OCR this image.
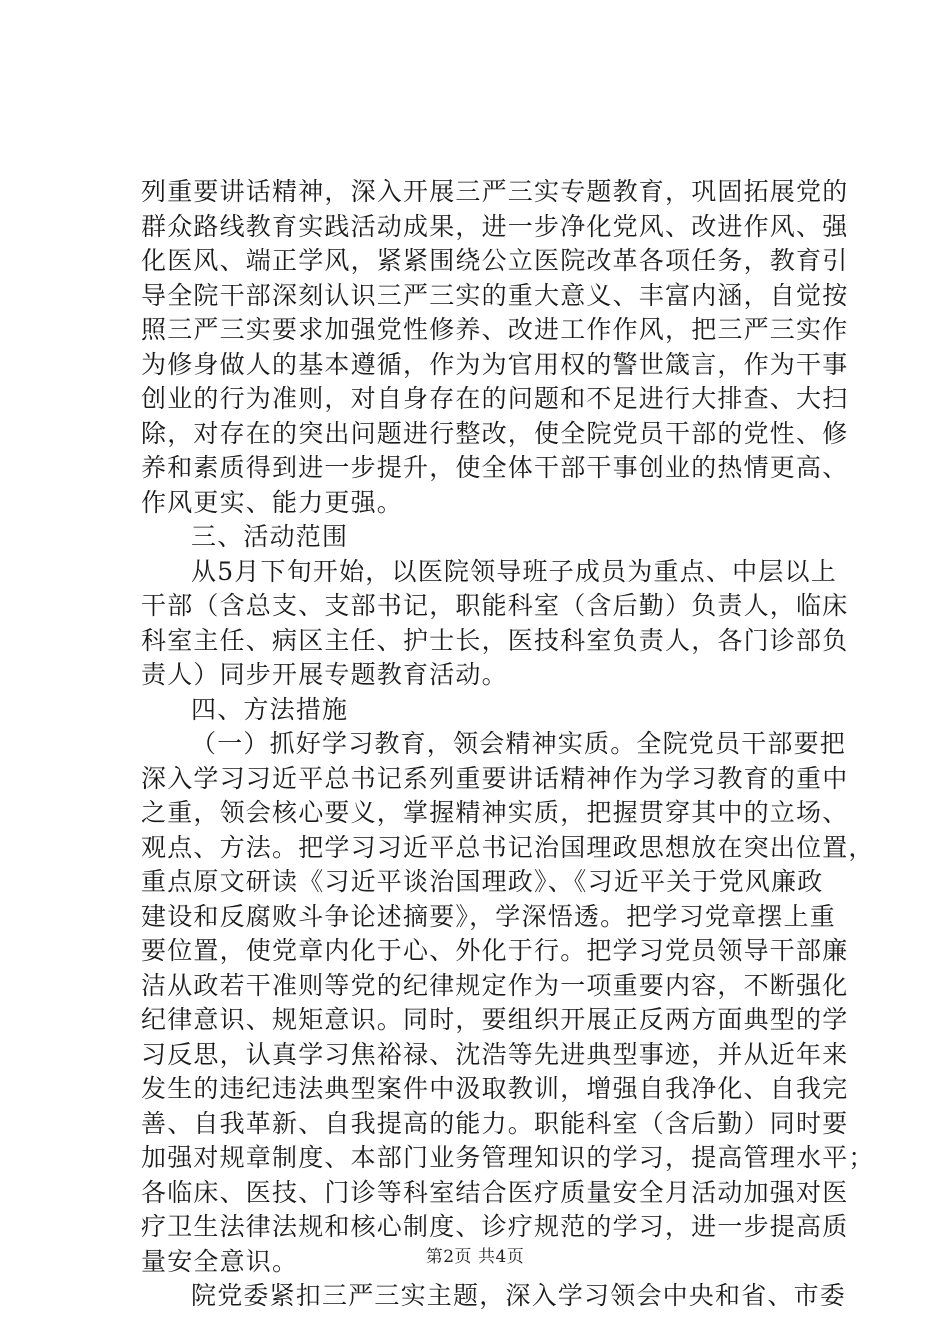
列重要讲话精神，深入开展三严三实专题教育，巩固拓展党的
群众路线教育实践活动成果，进一步净化党风、改进作风、强
化医风、端正学风，紧紧围绕公立医院改革各项任务，教育引
导全院干部深刻认识三严三实的重大意义、丰富内涵，自觉按
照三严三实要求加强党性修养、改进工作作风，把三严三实作
为修身做人的基本遵循，作为为官用权的警世箴言，作为干事
创业的行为准则，对自身存在的问题和不足进行大排查、大扫
除，对存在的突出问题进行整改，使全院党员干部的党性、修
养和素质得到进一步提升，使全体干部干事创业的热情更高、
作风更实、能力更强。
三、活动范围
从5月下旬开始，以医院领导班子成员为重点、中层以上
干部（含总支、支部书记，职能科室（含后勤）负责人，临床
科室主任、病区主任、护士长，医技科室负责人，各门诊部负
责人）同步开展专题教育活动。
四、方法措施
（一）抓好学习教育，领会精神实质。全院党员干部要把
深入学习习近平总书记系列重要讲话精神作为学习教育的重中
之重，领会核心要义，掌握精神实质，把握贯穿其中的立场、
观点、方法。把学习习近平总书记治国理政思想放在突出位置，
重点原文研读《习近平谈治国理政》、《习近平关于党风廉政
建设和反腐败斗争论述摘要》，学深悟透。把学习党章摆上重
要位置，使党章内化于心、外化于行。把学习党员领导干部廉
洁从政若干准则等党的纪律规定作为一项重要内容，不断强化
纪律意识、规矩意识。同时，要组织开展正反两方面典型的学
习反思，认真学习焦裕禄、沈浩等先进典型事迹，并从近年来
发生的违纪违法典型案件中汲取教训，增强自我净化、自我完
善、自我革新、自我提高的能力。职能科室（含后勤）同时要
加强对规章制度、本部门业务管理知识的学习，提高管理水平；
各临床、医技、门诊等科室结合医疗质量安全月活动加强对医
疗卫生法律法规和核心制度、诊疗规范的学习，进一步提高质
量安全意识。
院党委紧扣三严三实主题，深入学习领会中央和省、市委
第2页 共4页
